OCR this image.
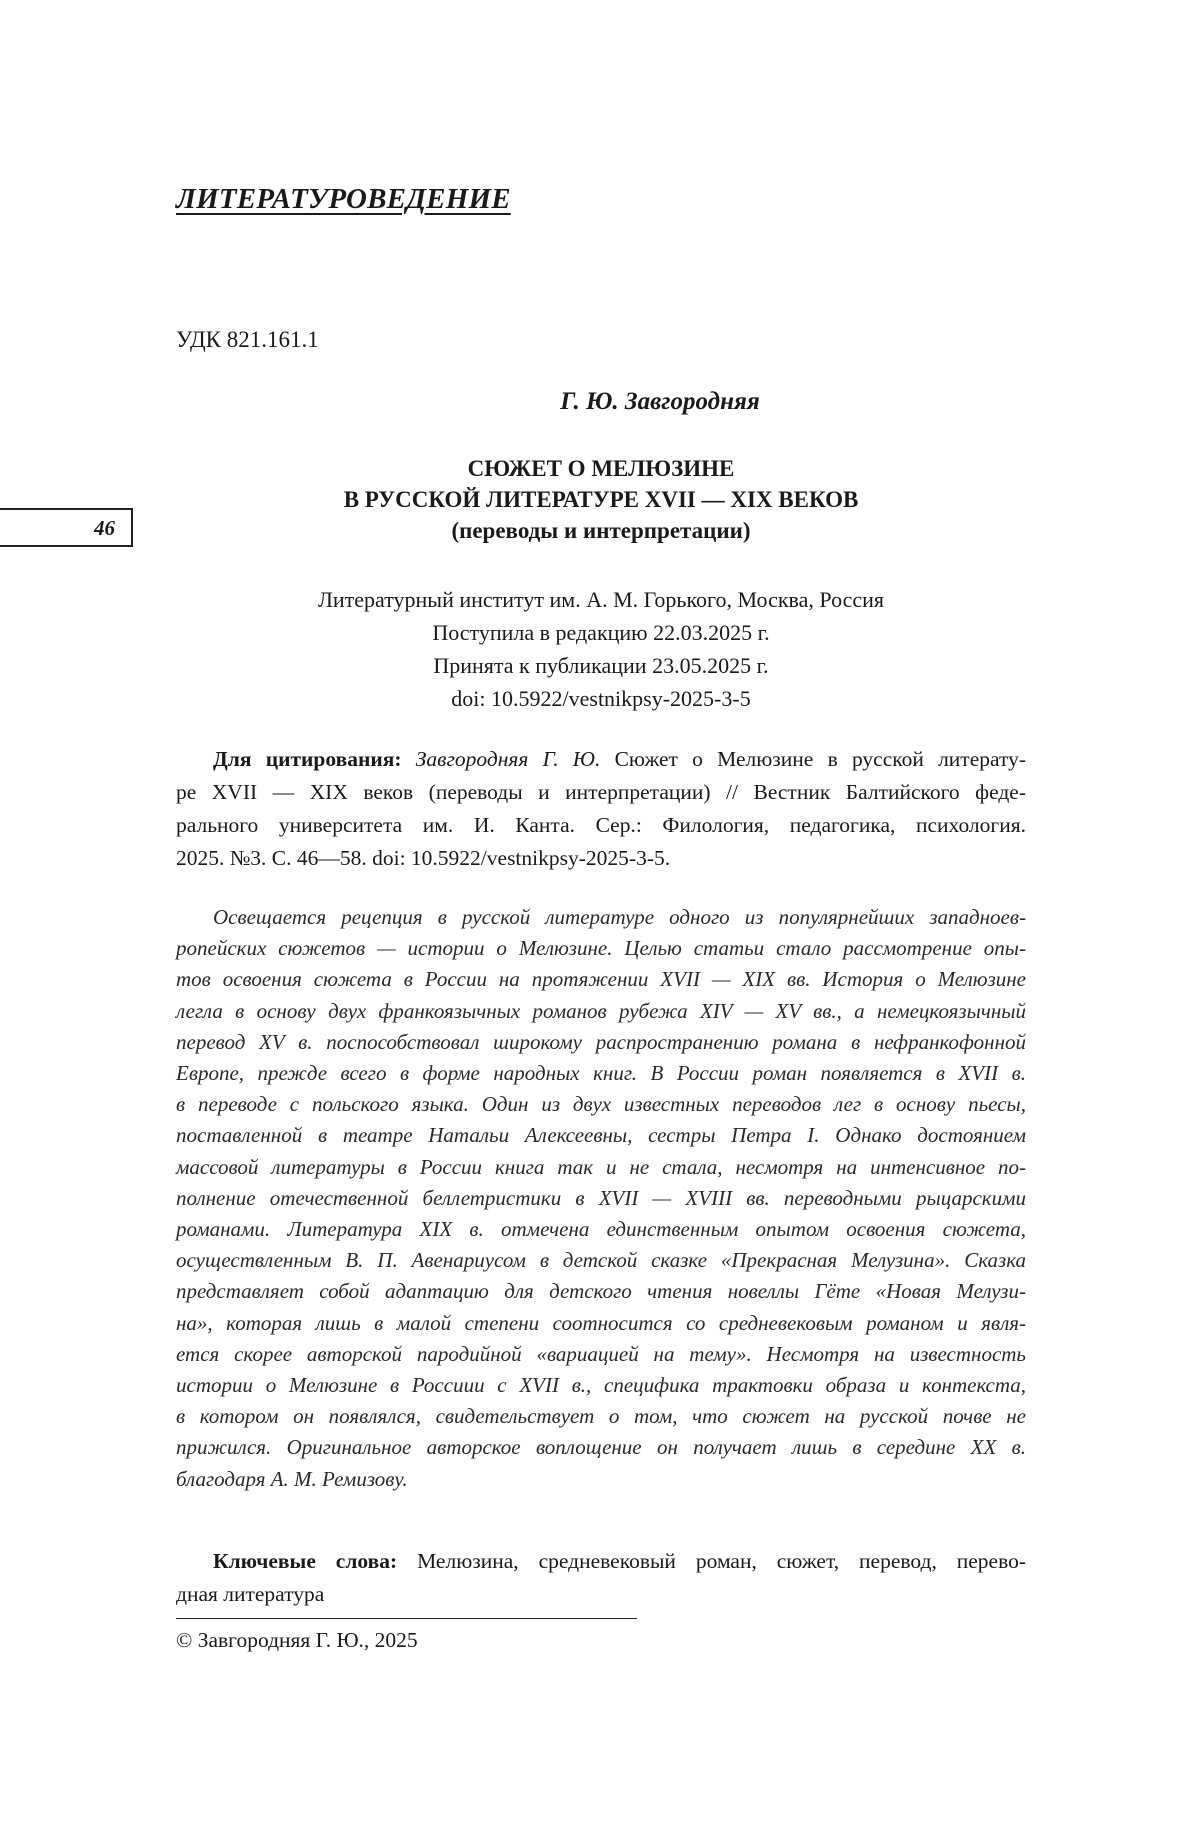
ЛИТЕРАТУРОВЕДЕНИЕ
УДК 821.161.1
Г. Ю. Завгородняя
СЮЖЕТ О МЕЛЮЗИНЕ
В РУССКОЙ ЛИТЕРАТУРЕ XVII — XIX ВЕКОВ
(переводы и интерпретации)
46
Литературный институт им. А. М. Горького, Москва, Россия
Поступила в редакцию 22.03.2025 г.
Принята к публикации 23.05.2025 г.
doi: 10.5922/vestnikpsy-2025-3-5
Для цитирования: Завгородняя Г. Ю. Сюжет о Мелюзине в русской литерату-
ре XVII — XIX веков (переводы и интерпретации) // Вестник Балтийского феде-
рального университета им. И. Канта. Сер.: Филология, педагогика, психология.
2025. №3. С. 46—58. doi: 10.5922/vestnikpsy-2025-3-5.
Освещается рецепция в русской литературе одного из популярнейших западноев-
ропейских сюжетов — истории о Мелюзине. Целью статьи стало рассмотрение опы-
тов освоения сюжета в России на протяжении XVII — XIX вв. История о Мелюзине
легла в основу двух франкоязычных романов рубежа XIV — XV вв., а немецкоязычный
перевод XV в. поспособствовал широкому распространению романа в нефранкофонной
Европе, прежде всего в форме народных книг. В России роман появляется в XVII в.
в переводе с польского языка. Один из двух известных переводов лег в основу пьесы,
поставленной в театре Натальи Алексеевны, сестры Петра I. Однако достоянием
массовой литературы в России книга так и не стала, несмотря на интенсивное по-
полнение отечественной беллетристики в XVII — XVIII вв. переводными рыцарскими
романами. Литература XIX в. отмечена единственным опытом освоения сюжета,
осуществленным В. П. Авенариусом в детской сказке «Прекрасная Мелузина». Сказка
представляет собой адаптацию для детского чтения новеллы Гёте «Новая Мелузи-
на», которая лишь в малой степени соотносится со средневековым романом и явля-
ется скорее авторской пародийной «вариацией на тему». Несмотря на известность
истории о Мелюзине в Россиии с XVII в., специфика трактовки образа и контекста,
в котором он появлялся, свидетельствует о том, что сюжет на русской почве не
прижился. Оригинальное авторское воплощение он получает лишь в середине XX в.
благодаря А. М. Ремизову.
Ключевые слова: Мелюзина, средневековый роман, сюжет, перевод, перево-
дная литература
© Завгородняя Г. Ю., 2025
